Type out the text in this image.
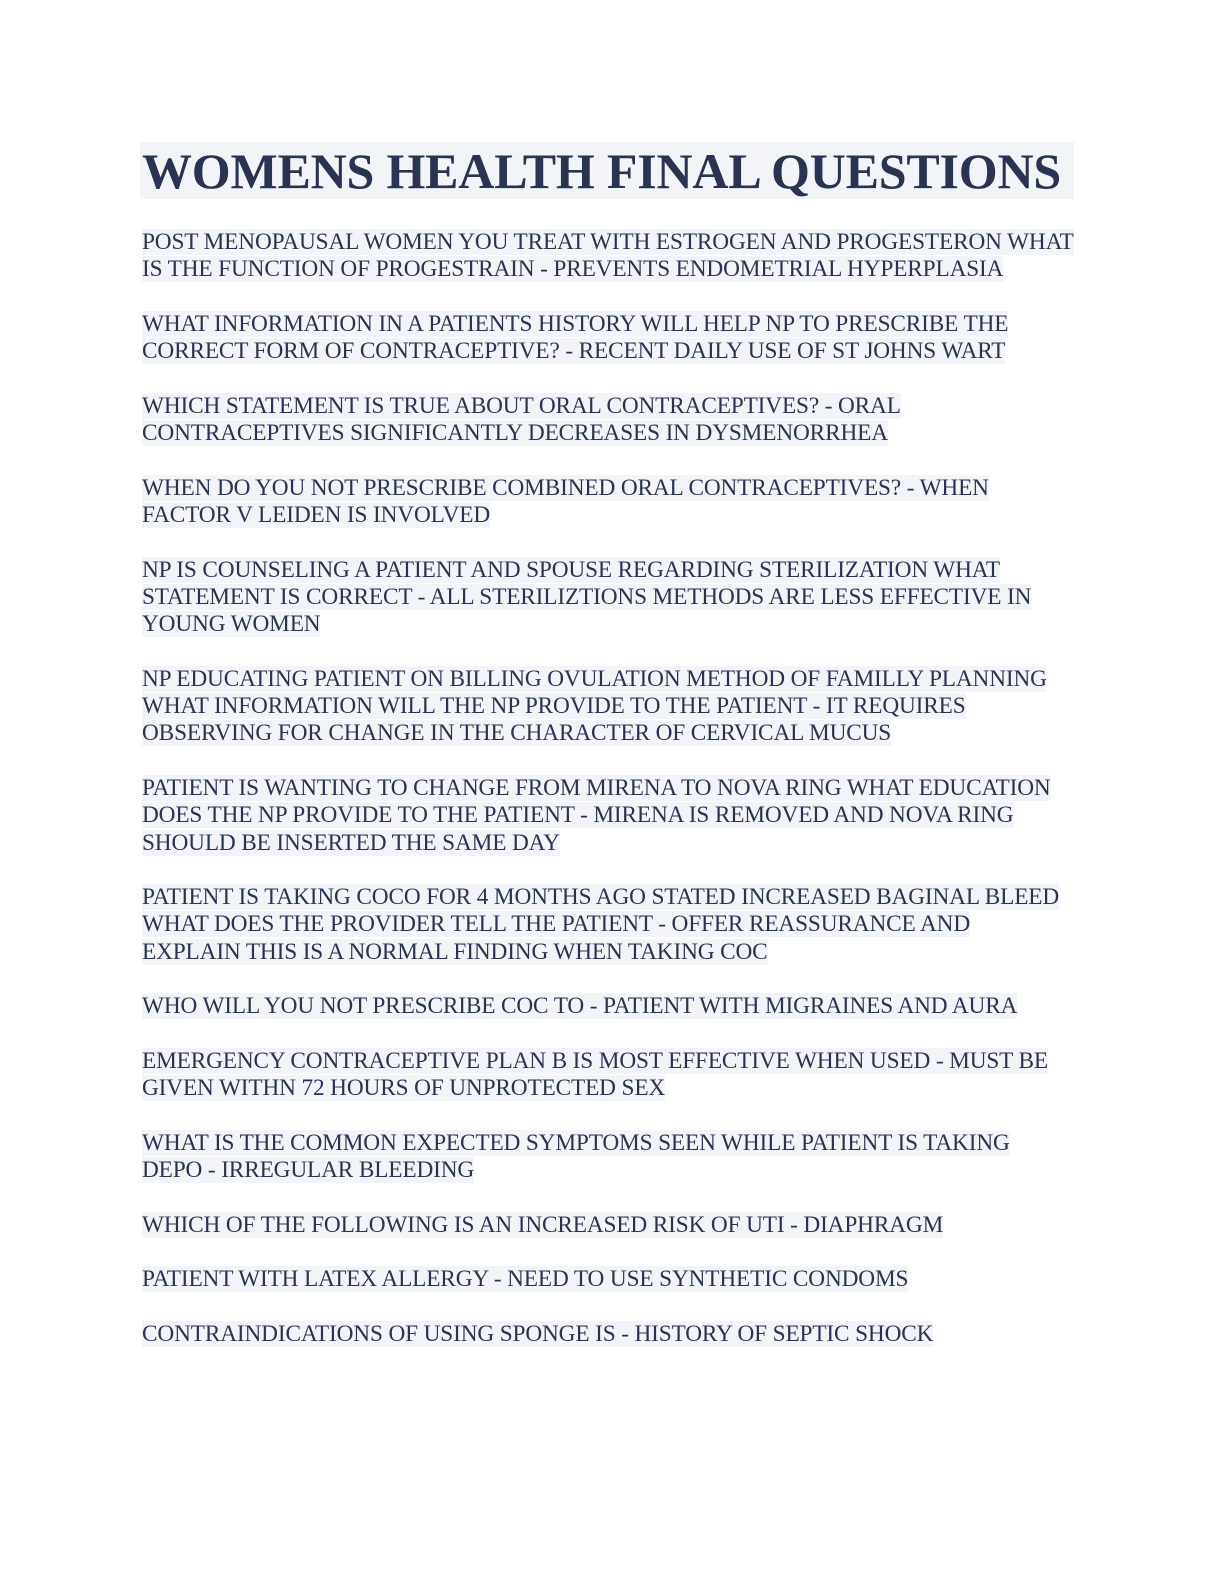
WOMENS HEALTH FINAL QUESTIONS

POST MENOPAUSAL WOMEN YOU TREAT WITH ESTROGEN AND PROGESTERON WHAT IS THE FUNCTION OF PROGESTRAIN - PREVENTS ENDOMETRIAL HYPERPLASIA

WHAT INFORMATION IN A PATIENTS HISTORY WILL HELP NP TO PRESCRIBE THE CORRECT FORM OF CONTRACEPTIVE? - RECENT DAILY USE OF ST JOHNS WART

WHICH STATEMENT IS TRUE ABOUT ORAL CONTRACEPTIVES? - ORAL CONTRACEPTIVES SIGNIFICANTLY DECREASES IN DYSMENORRHEA

WHEN DO YOU NOT PRESCRIBE COMBINED ORAL CONTRACEPTIVES? - WHEN FACTOR V LEIDEN IS INVOLVED

NP IS COUNSELING A PATIENT AND SPOUSE REGARDING STERILIZATION WHAT STATEMENT IS CORRECT - ALL STERILIZTIONS METHODS ARE LESS EFFECTIVE IN YOUNG WOMEN

NP EDUCATING PATIENT ON BILLING OVULATION METHOD OF FAMILLY PLANNING WHAT INFORMATION WILL THE NP PROVIDE TO THE PATIENT - IT REQUIRES OBSERVING FOR CHANGE IN THE CHARACTER OF CERVICAL MUCUS

PATIENT IS WANTING TO CHANGE FROM MIRENA TO NOVA RING WHAT EDUCATION DOES THE NP PROVIDE TO THE PATIENT - MIRENA IS REMOVED AND NOVA RING SHOULD BE INSERTED THE SAME DAY

PATIENT IS TAKING COCO FOR 4 MONTHS AGO STATED INCREASED BAGINAL BLEED WHAT DOES THE PROVIDER TELL THE PATIENT - OFFER REASSURANCE AND EXPLAIN THIS IS A NORMAL FINDING WHEN TAKING COC

WHO WILL YOU NOT PRESCRIBE COC TO - PATIENT WITH MIGRAINES AND AURA

EMERGENCY CONTRACEPTIVE PLAN B IS MOST EFFECTIVE WHEN USED - MUST BE GIVEN WITHN 72 HOURS OF UNPROTECTED SEX

WHAT IS THE COMMON EXPECTED SYMPTOMS SEEN WHILE PATIENT IS TAKING DEPO - IRREGULAR BLEEDING

WHICH OF THE FOLLOWING IS AN INCREASED RISK OF UTI - DIAPHRAGM

PATIENT WITH LATEX ALLERGY - NEED TO USE SYNTHETIC CONDOMS

CONTRAINDICATIONS OF USING SPONGE IS - HISTORY OF SEPTIC SHOCK
